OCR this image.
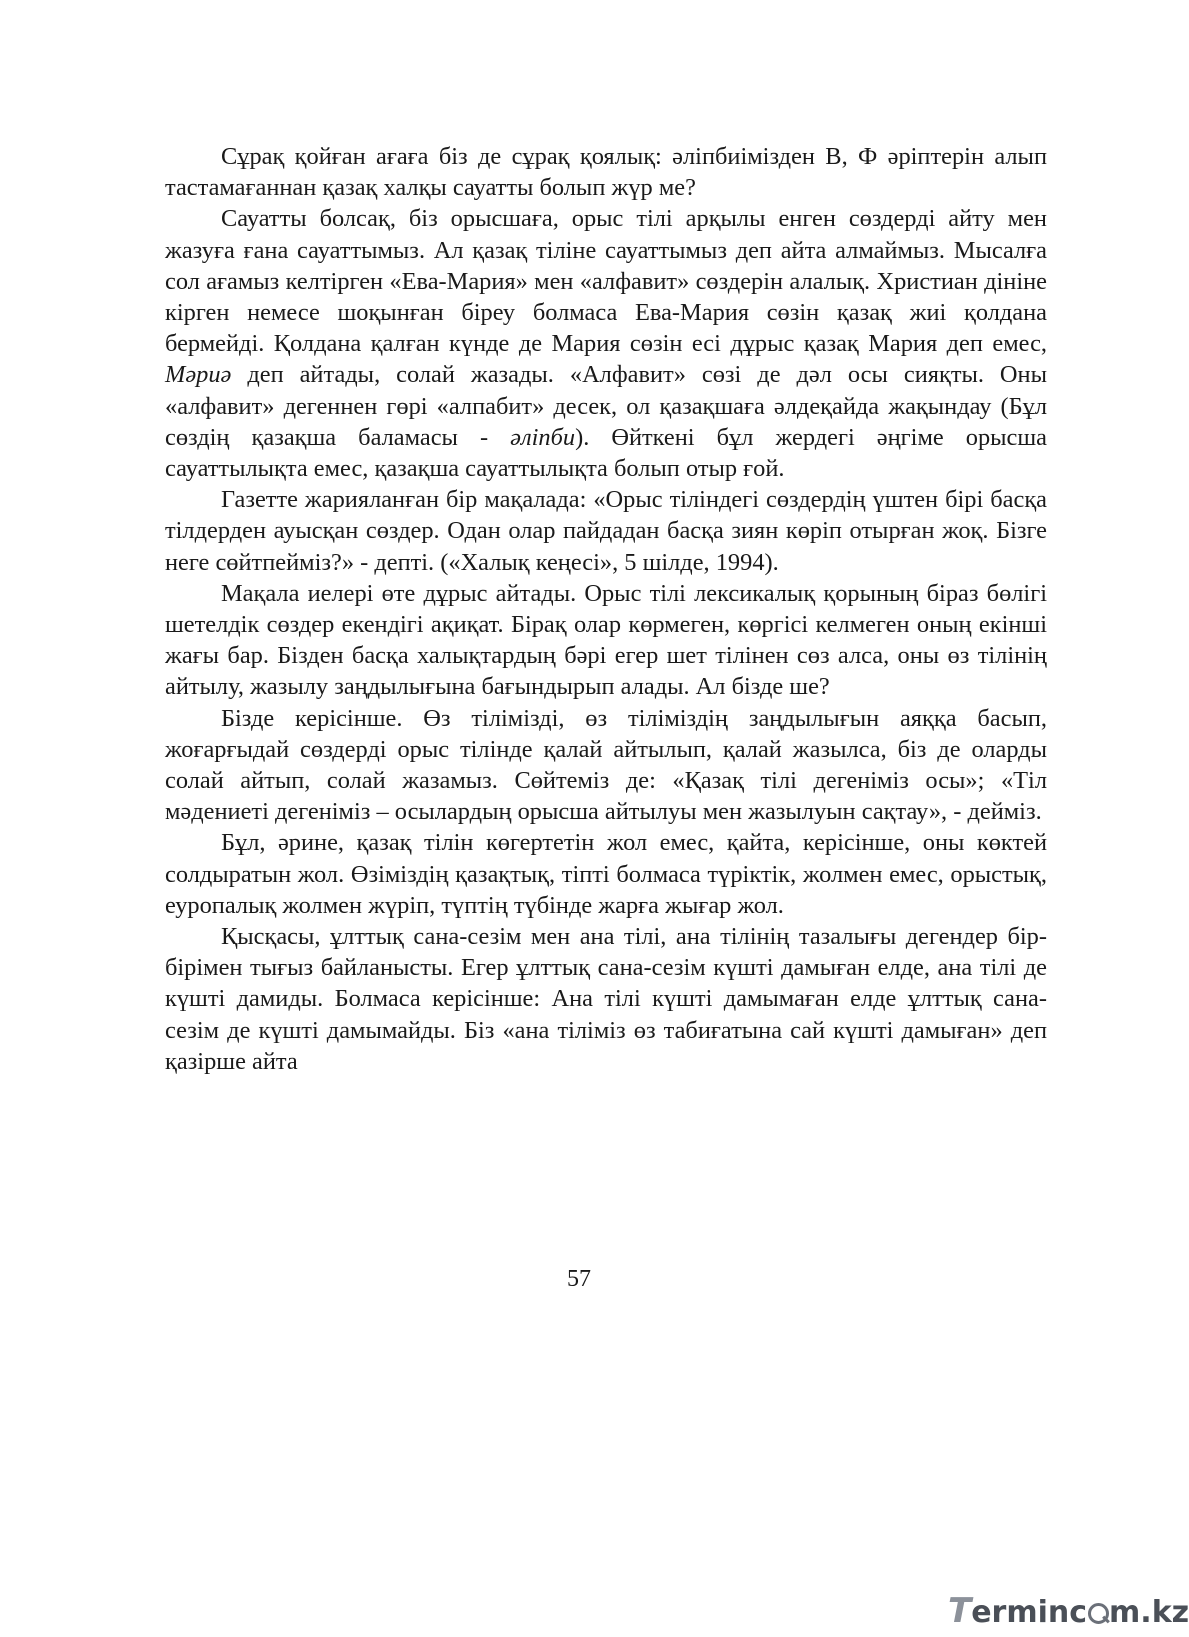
Сұрақ қойған ағаға біз де сұрақ қоялық: әліпбиімізден В, Ф әріптерін алып тастамағаннан қазақ халқы сауатты болып жүр ме?

Сауатты болсақ, біз орысшаға, орыс тілі арқылы енген сөздерді айту мен жазуға ғана сауаттымыз. Ал қазақ тіліне сауаттымыз деп айта алмаймыз. Мысалға сол ағамыз келтірген «Ева-Мария» мен «алфавит» сөздерін алалық. Христиан дініне кірген немесе шоқынған біреу болмаса Ева-Мария сөзін қазақ жиі қолдана бермейді. Қолдана қалған күнде де Мария сөзін есі дұрыс қазақ Мария деп емес, Мәриә деп айтады, солай жазады. «Алфавит» сөзі де дәл осы сияқты. Оны «алфавит» дегеннен гөрі «алпабит» десек, ол қазақшаға әлдеқайда жақындау (Бұл сөздің қазақша баламасы - әліпби). Өйткені бұл жердегі әңгіме орысша сауаттылықта емес, қазақша сауаттылықта болып отыр ғой.

Газетте жарияланған бір мақалада: «Орыс тіліндегі сөздердің үштен бірі басқа тілдерден ауысқан сөздер. Одан олар пайдадан басқа зиян көріп отырған жоқ. Бізге неге сөйтпейміз?» - депті. («Халық кеңесі», 5 шілде, 1994).

Мақала иелері өте дұрыс айтады. Орыс тілі лексикалық қорының біраз бөлігі шетелдік сөздер екендігі ақиқат. Бірақ олар көрмеген, көргісі келмеген оның екінші жағы бар. Бізден басқа халықтардың бәрі егер шет тілінен сөз алса, оны өз тілінің айтылу, жазылу заңдылығына бағындырып алады. Ал бізде ше?

Бізде керісінше. Өз тілімізді, өз тіліміздің заңдылығын аяққа басып, жоғарғыдай сөздерді орыс тілінде қалай айтылып, қалай жазылса, біз де оларды солай айтып, солай жазамыз. Сөйтеміз де: «Қазақ тілі дегеніміз осы»; «Тіл мәдениеті дегеніміз – осылардың орысша айтылуы мен жазылуын сақтау», - дейміз.

Бұл, әрине, қазақ тілін көгертетін жол емес, қайта, керісінше, оны көктей солдыратын жол. Өзіміздің қазақтық, тіпті болмаса түріктік, жолмен емес, орыстық, еуропалық жолмен жүріп, түптің түбінде жарға жығар жол.

Қысқасы, ұлттық сана-сезім мен ана тілі, ана тілінің тазалығы дегендер бір-бірімен тығыз байланысты. Егер ұлттық сана-сезім күшті дамыған елде, ана тілі де күшті дамиды. Болмаса керісінше: Ана тілі күшті дамымаған елде ұлттық сана-сезім де күшті дамымайды. Біз «ана тіліміз өз табиғатына сай күшті дамыған» деп қазірше айта

57
Terminc m.kz
